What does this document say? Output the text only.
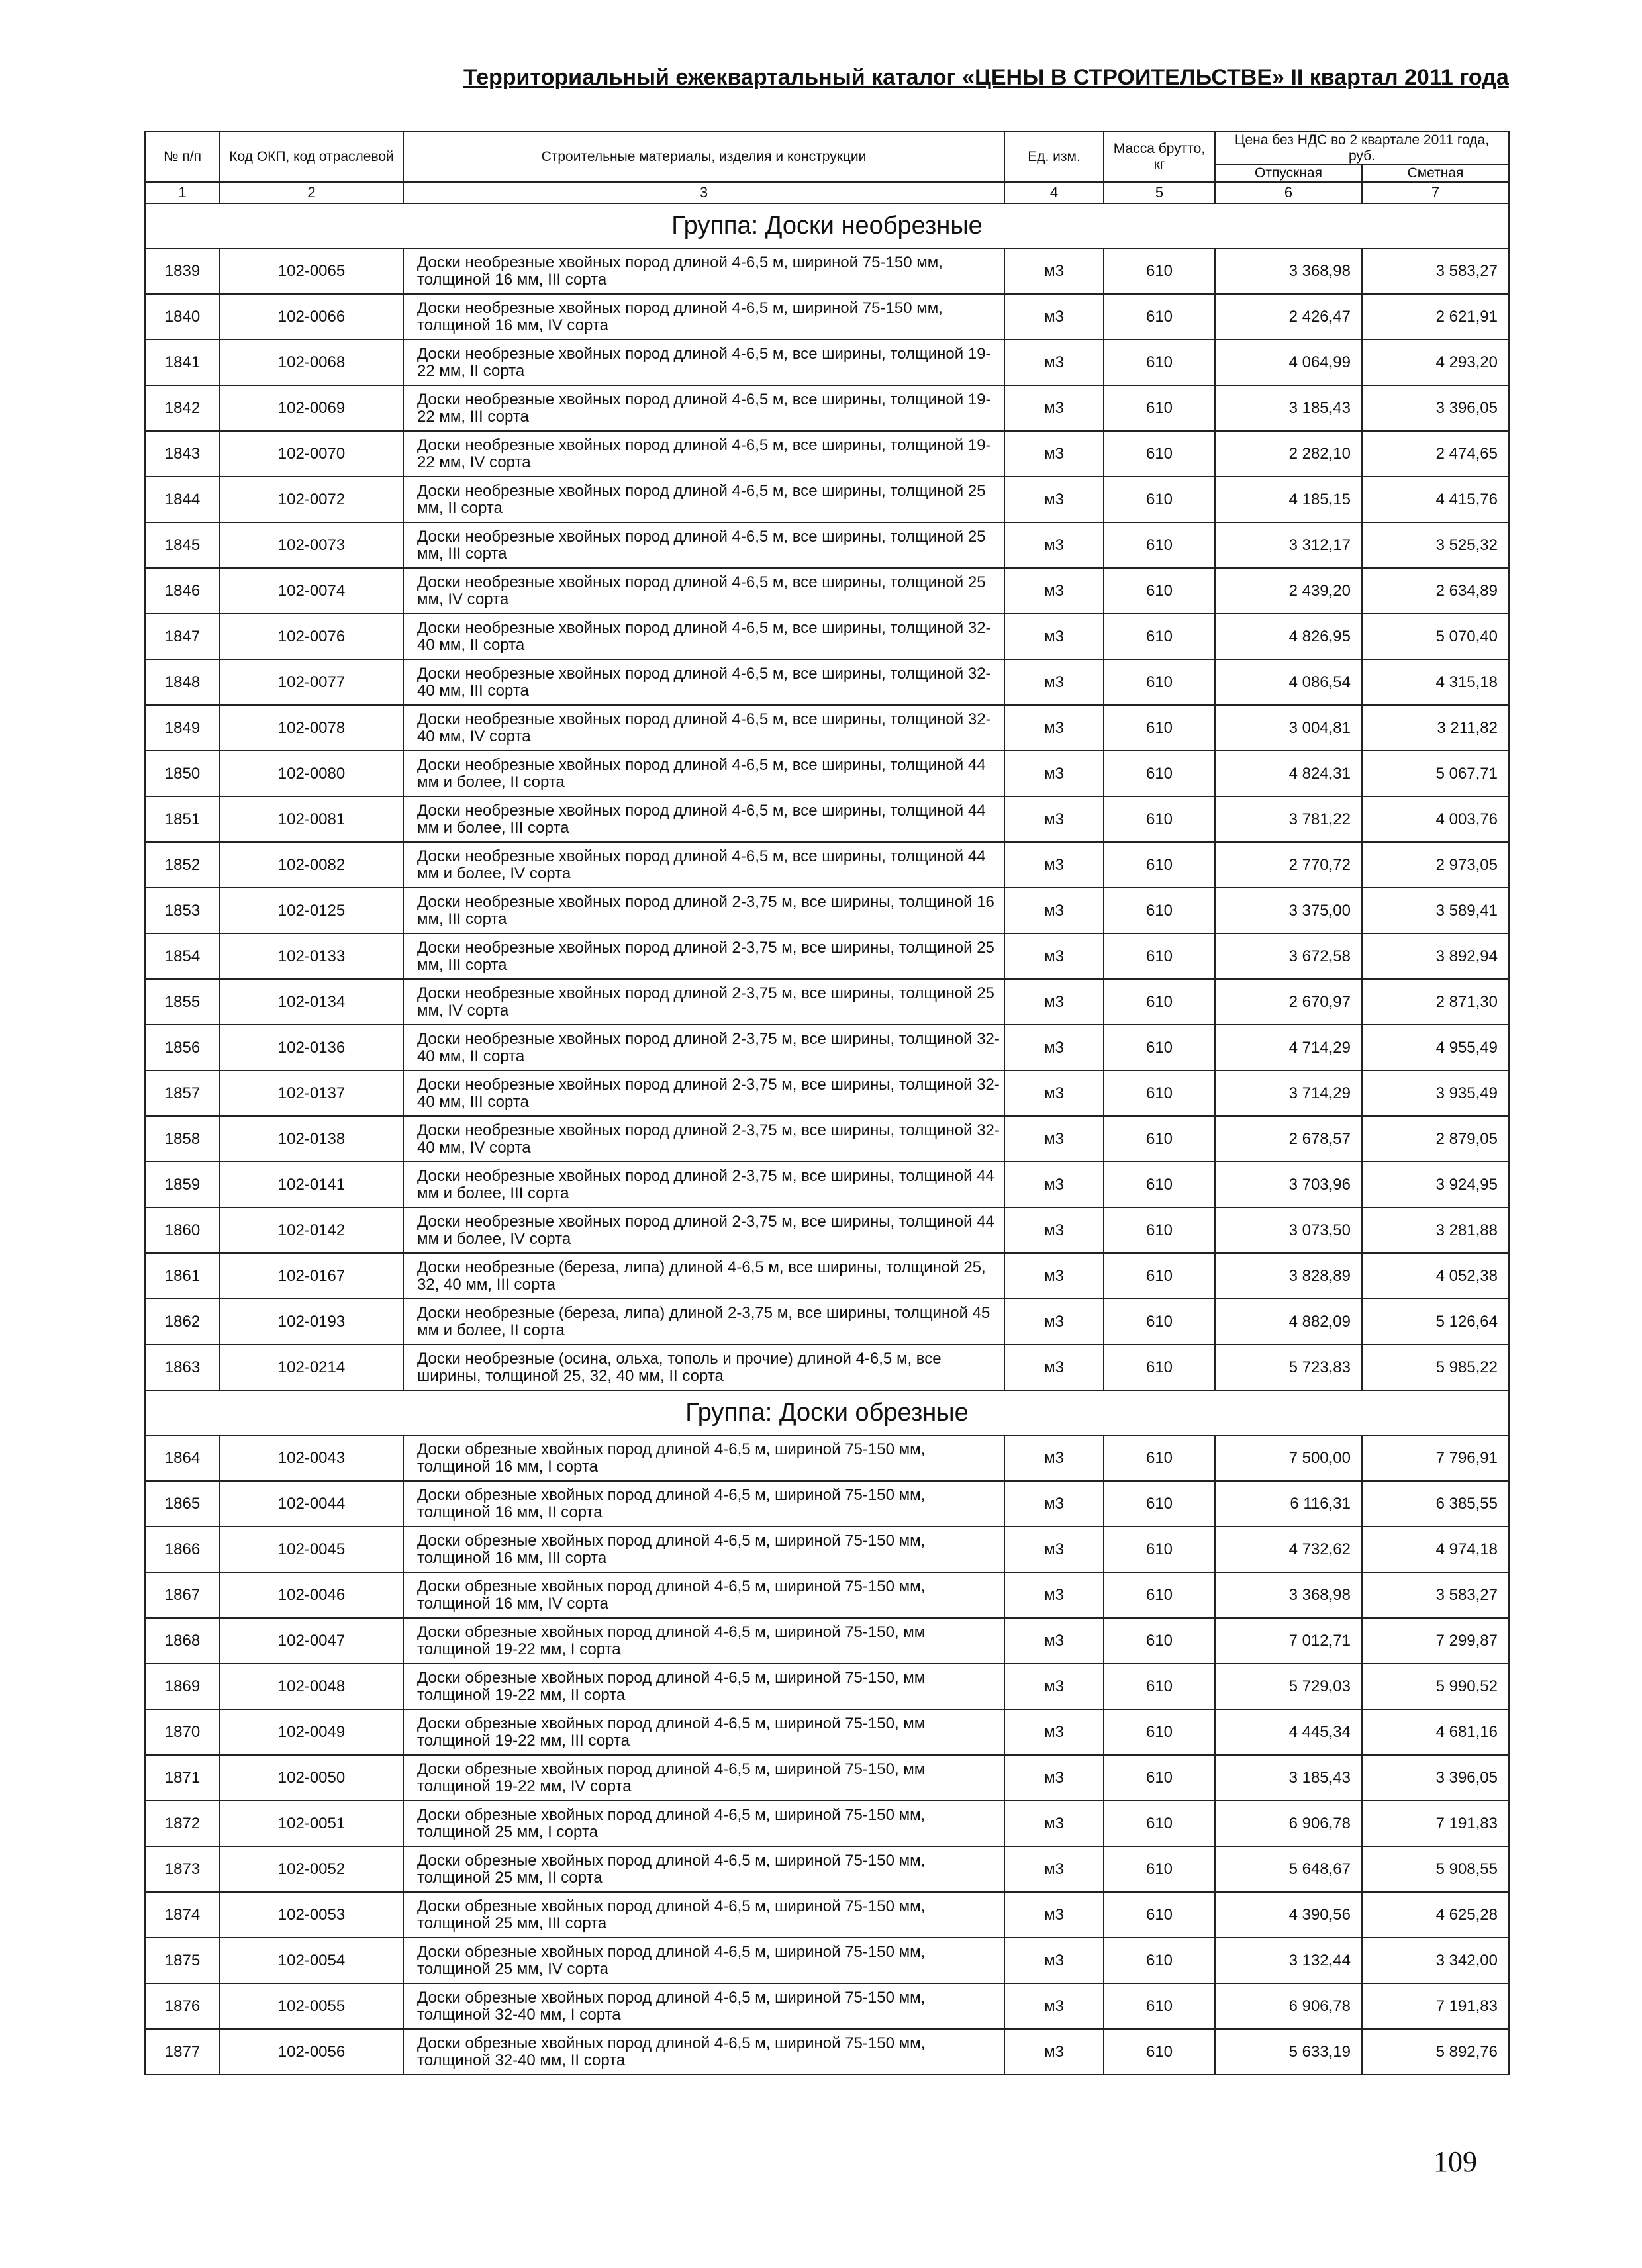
Территориальный ежеквартальный каталог «ЦЕНЫ В СТРОИТЕЛЬСТВЕ» II квартал 2011 года
№ п/п	Код ОКП, код отраслевой	Строительные материалы, изделия и конструкции	Ед. изм.	Масса брутто, кг	Цена без НДС во 2 квартале 2011 года, руб.	
					Отпускная	Сметная
1	2	3	4	5	6	7
Группа: Доски необрезные						
1839	102-0065	Доски необрезные хвойных пород длиной 4-6,5 м, шириной 75-150 мм, толщиной 16 мм, III сорта	м3	610	3 368,98	3 583,27
1840	102-0066	Доски необрезные хвойных пород длиной 4-6,5 м, шириной 75-150 мм, толщиной 16 мм, IV сорта	м3	610	2 426,47	2 621,91
1841	102-0068	Доски необрезные хвойных пород длиной 4-6,5 м, все ширины, толщиной 19-22 мм, II сорта	м3	610	4 064,99	4 293,20
1842	102-0069	Доски необрезные хвойных пород длиной 4-6,5 м, все ширины, толщиной 19-22 мм, III сорта	м3	610	3 185,43	3 396,05
1843	102-0070	Доски необрезные хвойных пород длиной 4-6,5 м, все ширины, толщиной 19-22 мм, IV сорта	м3	610	2 282,10	2 474,65
1844	102-0072	Доски необрезные хвойных пород длиной 4-6,5 м, все ширины, толщиной 25 мм, II сорта	м3	610	4 185,15	4 415,76
1845	102-0073	Доски необрезные хвойных пород длиной 4-6,5 м, все ширины, толщиной 25 мм, III сорта	м3	610	3 312,17	3 525,32
1846	102-0074	Доски необрезные хвойных пород длиной 4-6,5 м, все ширины, толщиной 25 мм, IV сорта	м3	610	2 439,20	2 634,89
1847	102-0076	Доски необрезные хвойных пород длиной 4-6,5 м, все ширины, толщиной 32-40 мм, II сорта	м3	610	4 826,95	5 070,40
1848	102-0077	Доски необрезные хвойных пород длиной 4-6,5 м, все ширины, толщиной 32-40 мм, III сорта	м3	610	4 086,54	4 315,18
1849	102-0078	Доски необрезные хвойных пород длиной 4-6,5 м, все ширины, толщиной 32-40 мм, IV сорта	м3	610	3 004,81	3 211,82
1850	102-0080	Доски необрезные хвойных пород длиной 4-6,5 м, все ширины, толщиной 44 мм и более, II сорта	м3	610	4 824,31	5 067,71
1851	102-0081	Доски необрезные хвойных пород длиной 4-6,5 м, все ширины, толщиной 44 мм и более, III сорта	м3	610	3 781,22	4 003,76
1852	102-0082	Доски необрезные хвойных пород длиной 4-6,5 м, все ширины, толщиной 44 мм и более, IV сорта	м3	610	2 770,72	2 973,05
1853	102-0125	Доски необрезные хвойных пород длиной 2-3,75 м, все ширины, толщиной 16 мм, III сорта	м3	610	3 375,00	3 589,41
1854	102-0133	Доски необрезные хвойных пород длиной 2-3,75 м, все ширины, толщиной 25 мм, III сорта	м3	610	3 672,58	3 892,94
1855	102-0134	Доски необрезные хвойных пород длиной 2-3,75 м, все ширины, толщиной 25 мм, IV сорта	м3	610	2 670,97	2 871,30
1856	102-0136	Доски необрезные хвойных пород длиной 2-3,75 м, все ширины, толщиной 32-40 мм, II сорта	м3	610	4 714,29	4 955,49
1857	102-0137	Доски необрезные хвойных пород длиной 2-3,75 м, все ширины, толщиной 32-40 мм, III сорта	м3	610	3 714,29	3 935,49
1858	102-0138	Доски необрезные хвойных пород длиной 2-3,75 м, все ширины, толщиной 32-40 мм, IV сорта	м3	610	2 678,57	2 879,05
1859	102-0141	Доски необрезные хвойных пород длиной 2-3,75 м, все ширины, толщиной 44 мм и более, III сорта	м3	610	3 703,96	3 924,95
1860	102-0142	Доски необрезные хвойных пород длиной 2-3,75 м, все ширины, толщиной 44 мм и более, IV сорта	м3	610	3 073,50	3 281,88
1861	102-0167	Доски необрезные (береза, липа) длиной 4-6,5 м, все ширины, толщиной 25, 32, 40 мм, III сорта	м3	610	3 828,89	4 052,38
1862	102-0193	Доски необрезные (береза, липа) длиной 2-3,75 м, все ширины, толщиной 45 мм и более, II сорта	м3	610	4 882,09	5 126,64
1863	102-0214	Доски необрезные (осина, ольха, тополь и прочие) длиной 4-6,5 м, все ширины, толщиной 25, 32, 40 мм, II сорта	м3	610	5 723,83	5 985,22
Группа: Доски обрезные						
1864	102-0043	Доски обрезные хвойных пород длиной 4-6,5 м, шириной 75-150 мм, толщиной 16 мм, I сорта	м3	610	7 500,00	7 796,91
1865	102-0044	Доски обрезные хвойных пород длиной 4-6,5 м, шириной 75-150 мм, толщиной 16 мм, II сорта	м3	610	6 116,31	6 385,55
1866	102-0045	Доски обрезные хвойных пород длиной 4-6,5 м, шириной 75-150 мм, толщиной 16 мм, III сорта	м3	610	4 732,62	4 974,18
1867	102-0046	Доски обрезные хвойных пород длиной 4-6,5 м, шириной 75-150 мм, толщиной 16 мм, IV сорта	м3	610	3 368,98	3 583,27
1868	102-0047	Доски обрезные хвойных пород длиной 4-6,5 м, шириной 75-150, мм толщиной 19-22 мм, I сорта	м3	610	7 012,71	7 299,87
1869	102-0048	Доски обрезные хвойных пород длиной 4-6,5 м, шириной 75-150, мм толщиной 19-22 мм, II сорта	м3	610	5 729,03	5 990,52
1870	102-0049	Доски обрезные хвойных пород длиной 4-6,5 м, шириной 75-150, мм толщиной 19-22 мм, III сорта	м3	610	4 445,34	4 681,16
1871	102-0050	Доски обрезные хвойных пород длиной 4-6,5 м, шириной 75-150, мм толщиной 19-22 мм, IV сорта	м3	610	3 185,43	3 396,05
1872	102-0051	Доски обрезные хвойных пород длиной 4-6,5 м, шириной 75-150 мм, толщиной 25 мм, I сорта	м3	610	6 906,78	7 191,83
1873	102-0052	Доски обрезные хвойных пород длиной 4-6,5 м, шириной 75-150 мм, толщиной 25 мм, II сорта	м3	610	5 648,67	5 908,55
1874	102-0053	Доски обрезные хвойных пород длиной 4-6,5 м, шириной 75-150 мм, толщиной 25 мм, III сорта	м3	610	4 390,56	4 625,28
1875	102-0054	Доски обрезные хвойных пород длиной 4-6,5 м, шириной 75-150 мм, толщиной 25 мм, IV сорта	м3	610	3 132,44	3 342,00
1876	102-0055	Доски обрезные хвойных пород длиной 4-6,5 м, шириной 75-150 мм, толщиной 32-40 мм, I сорта	м3	610	6 906,78	7 191,83
1877	102-0056	Доски обрезные хвойных пород длиной 4-6,5 м, шириной 75-150 мм, толщиной 32-40 мм, II сорта	м3	610	5 633,19	5 892,76
109
